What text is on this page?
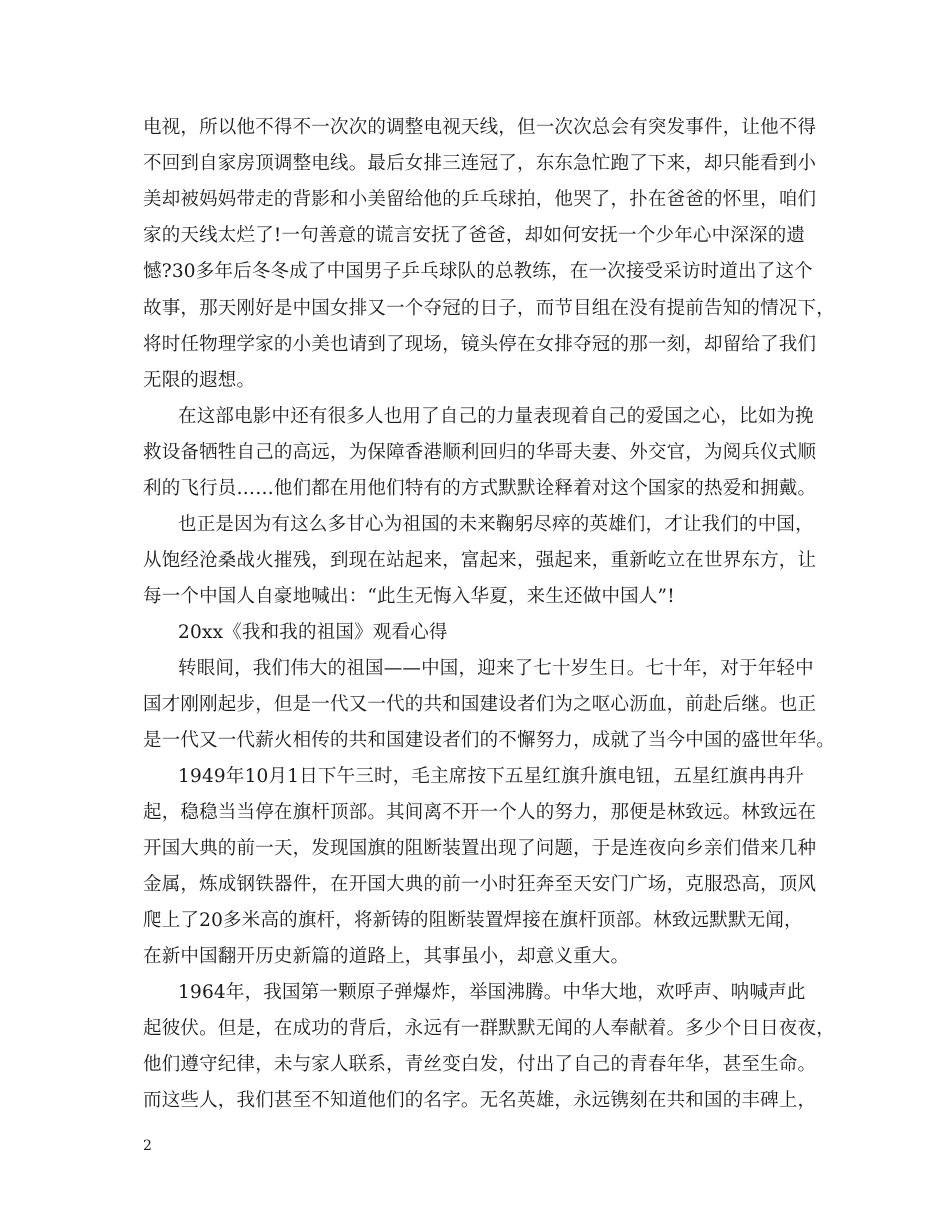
电视，所以他不得不一次次的调整电视天线，但一次次总会有突发事件，让他不得
不回到自家房顶调整电线。最后女排三连冠了，东东急忙跑了下来，却只能看到小
美却被妈妈带走的背影和小美留给他的乒乓球拍，他哭了，扑在爸爸的怀里，咱们
家的天线太烂了!一句善意的谎言安抚了爸爸，却如何安抚一个少年心中深深的遗
憾?30多年后冬冬成了中国男子乒乓球队的总教练，在一次接受采访时道出了这个
故事，那天刚好是中国女排又一个夺冠的日子，而节目组在没有提前告知的情况下，
将时任物理学家的小美也请到了现场，镜头停在女排夺冠的那一刻，却留给了我们
无限的遐想。
在这部电影中还有很多人也用了自己的力量表现着自己的爱国之心，比如为挽
救设备牺牲自己的高远，为保障香港顺利回归的华哥夫妻、外交官，为阅兵仪式顺
利的飞行员……他们都在用他们特有的方式默默诠释着对这个国家的热爱和拥戴。
也正是因为有这么多甘心为祖国的未来鞠躬尽瘁的英雄们，才让我们的中国，
从饱经沧桑战火摧残，到现在站起来，富起来，强起来，重新屹立在世界东方，让
每一个中国人自豪地喊出：“此生无悔入华夏，来生还做中国人”!
20xx《我和我的祖国》观看心得
转眼间，我们伟大的祖国——中国，迎来了七十岁生日。七十年，对于年轻中
国才刚刚起步，但是一代又一代的共和国建设者们为之呕心沥血，前赴后继。也正
是一代又一代薪火相传的共和国建设者们的不懈努力，成就了当今中国的盛世年华。
1949年10月1日下午三时，毛主席按下五星红旗升旗电钮，五星红旗冉冉升
起，稳稳当当停在旗杆顶部。其间离不开一个人的努力，那便是林致远。林致远在
开国大典的前一天，发现国旗的阻断装置出现了问题，于是连夜向乡亲们借来几种
金属，炼成钢铁器件，在开国大典的前一小时狂奔至天安门广场，克服恐高，顶风
爬上了20多米高的旗杆，将新铸的阻断装置焊接在旗杆顶部。林致远默默无闻，
在新中国翻开历史新篇的道路上，其事虽小，却意义重大。
1964年，我国第一颗原子弹爆炸，举国沸腾。中华大地，欢呼声、呐喊声此
起彼伏。但是，在成功的背后，永远有一群默默无闻的人奉献着。多少个日日夜夜，
他们遵守纪律，未与家人联系，青丝变白发，付出了自己的青春年华，甚至生命。
而这些人，我们甚至不知道他们的名字。无名英雄，永远镌刻在共和国的丰碑上，
2
